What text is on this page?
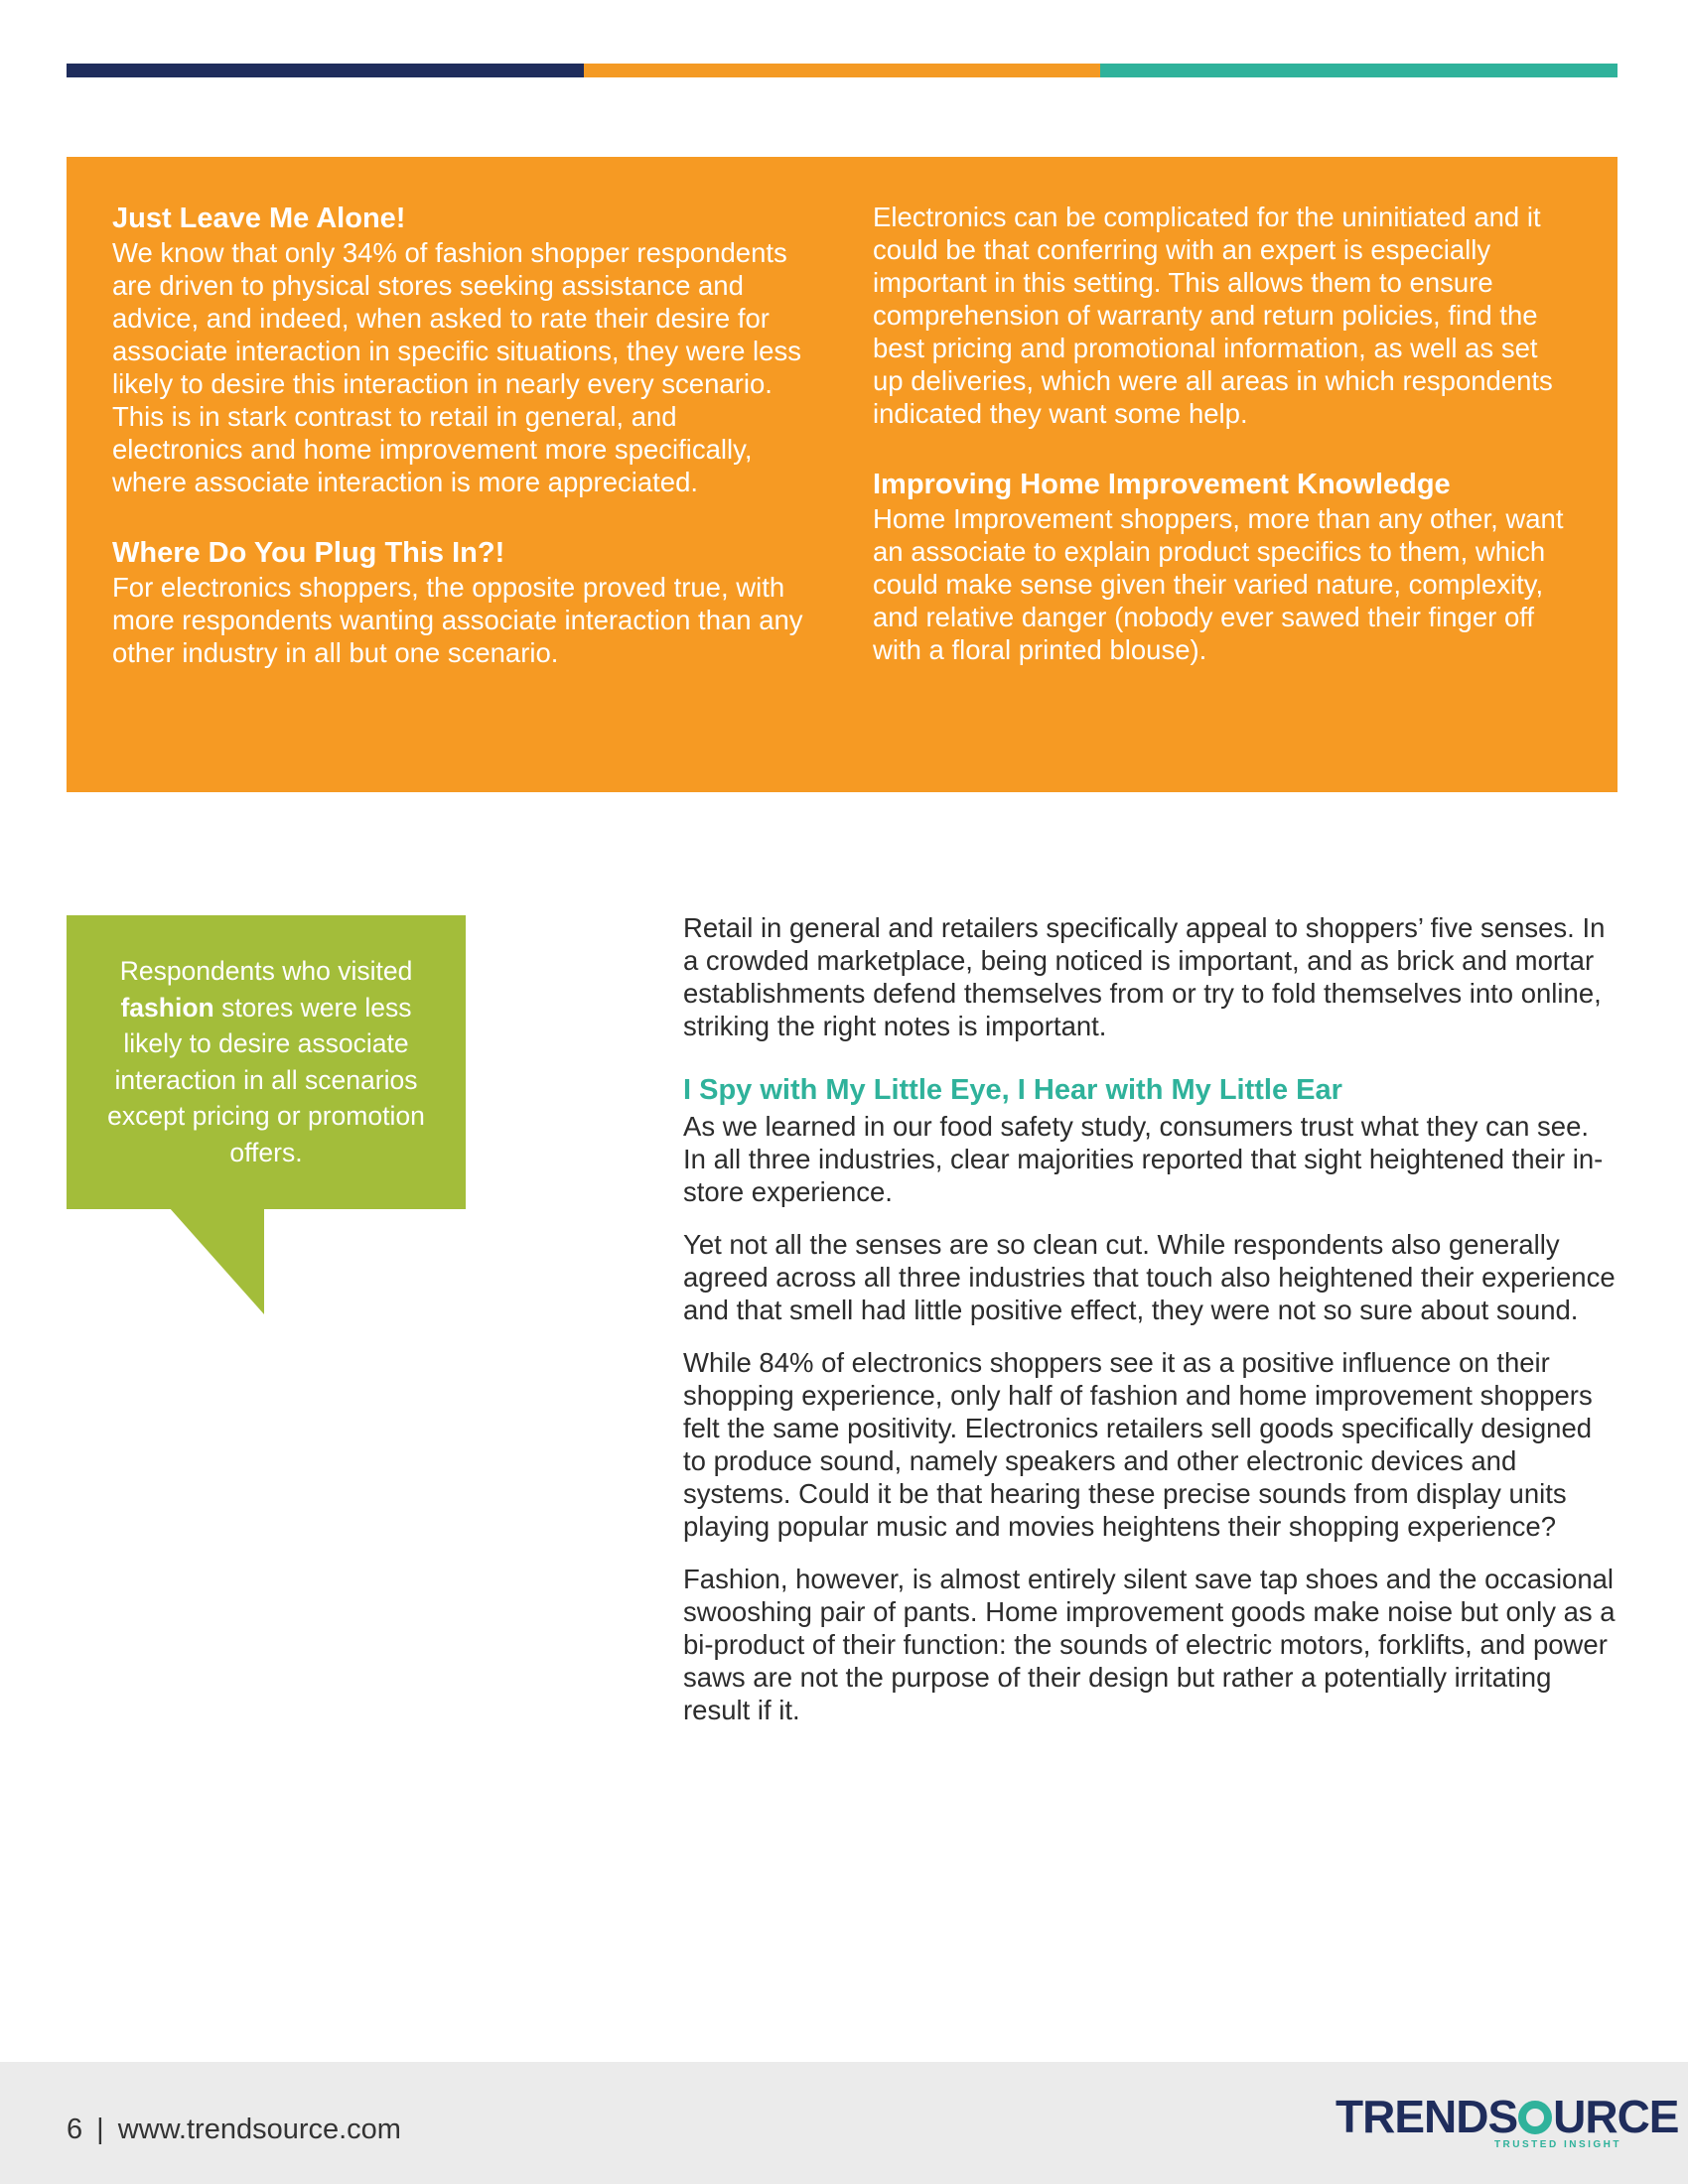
Just Leave Me Alone!

We know that only 34% of fashion shopper respondents are driven to physical stores seeking assistance and advice, and indeed, when asked to rate their desire for associate interaction in specific situations, they were less likely to desire this interaction in nearly every scenario. This is in stark contrast to retail in general, and electronics and home improvement more specifically, where associate interaction is more appreciated.

Where Do You Plug This In?!

For electronics shoppers, the opposite proved true, with more respondents wanting associate interaction than any other industry in all but one scenario.

Electronics can be complicated for the uninitiated and it could be that conferring with an expert is especially important in this setting. This allows them to ensure comprehension of warranty and return policies, find the best pricing and promotional information, as well as set up deliveries, which were all areas in which respondents indicated they want some help.

Improving Home Improvement Knowledge

Home Improvement shoppers, more than any other, want an associate to explain product specifics to them, which could make sense given their varied nature, complexity, and relative danger (nobody ever sawed their finger off with a floral printed blouse).

Respondents who visited fashion stores were less likely to desire associate interaction in all scenarios except pricing or promotion offers.

Retail in general and retailers specifically appeal to shoppers’ five senses. In a crowded marketplace, being noticed is important, and as brick and mortar establishments defend themselves from or try to fold themselves into online, striking the right notes is important.

I Spy with My Little Eye, I Hear with My Little Ear

As we learned in our food safety study, consumers trust what they can see. In all three industries, clear majorities reported that sight heightened their in-store experience.

Yet not all the senses are so clean cut. While respondents also generally agreed across all three industries that touch also heightened their experience and that smell had little positive effect, they were not so sure about sound.

While 84% of electronics shoppers see it as a positive influence on their shopping experience, only half of fashion and home improvement shoppers felt the same positivity. Electronics retailers sell goods specifically designed to produce sound, namely speakers and other electronic devices and systems. Could it be that hearing these precise sounds from display units playing popular music and movies heightens their shopping experience?

Fashion, however, is almost entirely silent save tap shoes and the occasional swooshing pair of pants. Home improvement goods make noise but only as a bi-product of their function: the sounds of electric motors, forklifts, and power saws are not the purpose of their design but rather a potentially irritating result if it.

6 | www.trendsource.com	TRENDS URCE
TRUSTED INSIGHT
